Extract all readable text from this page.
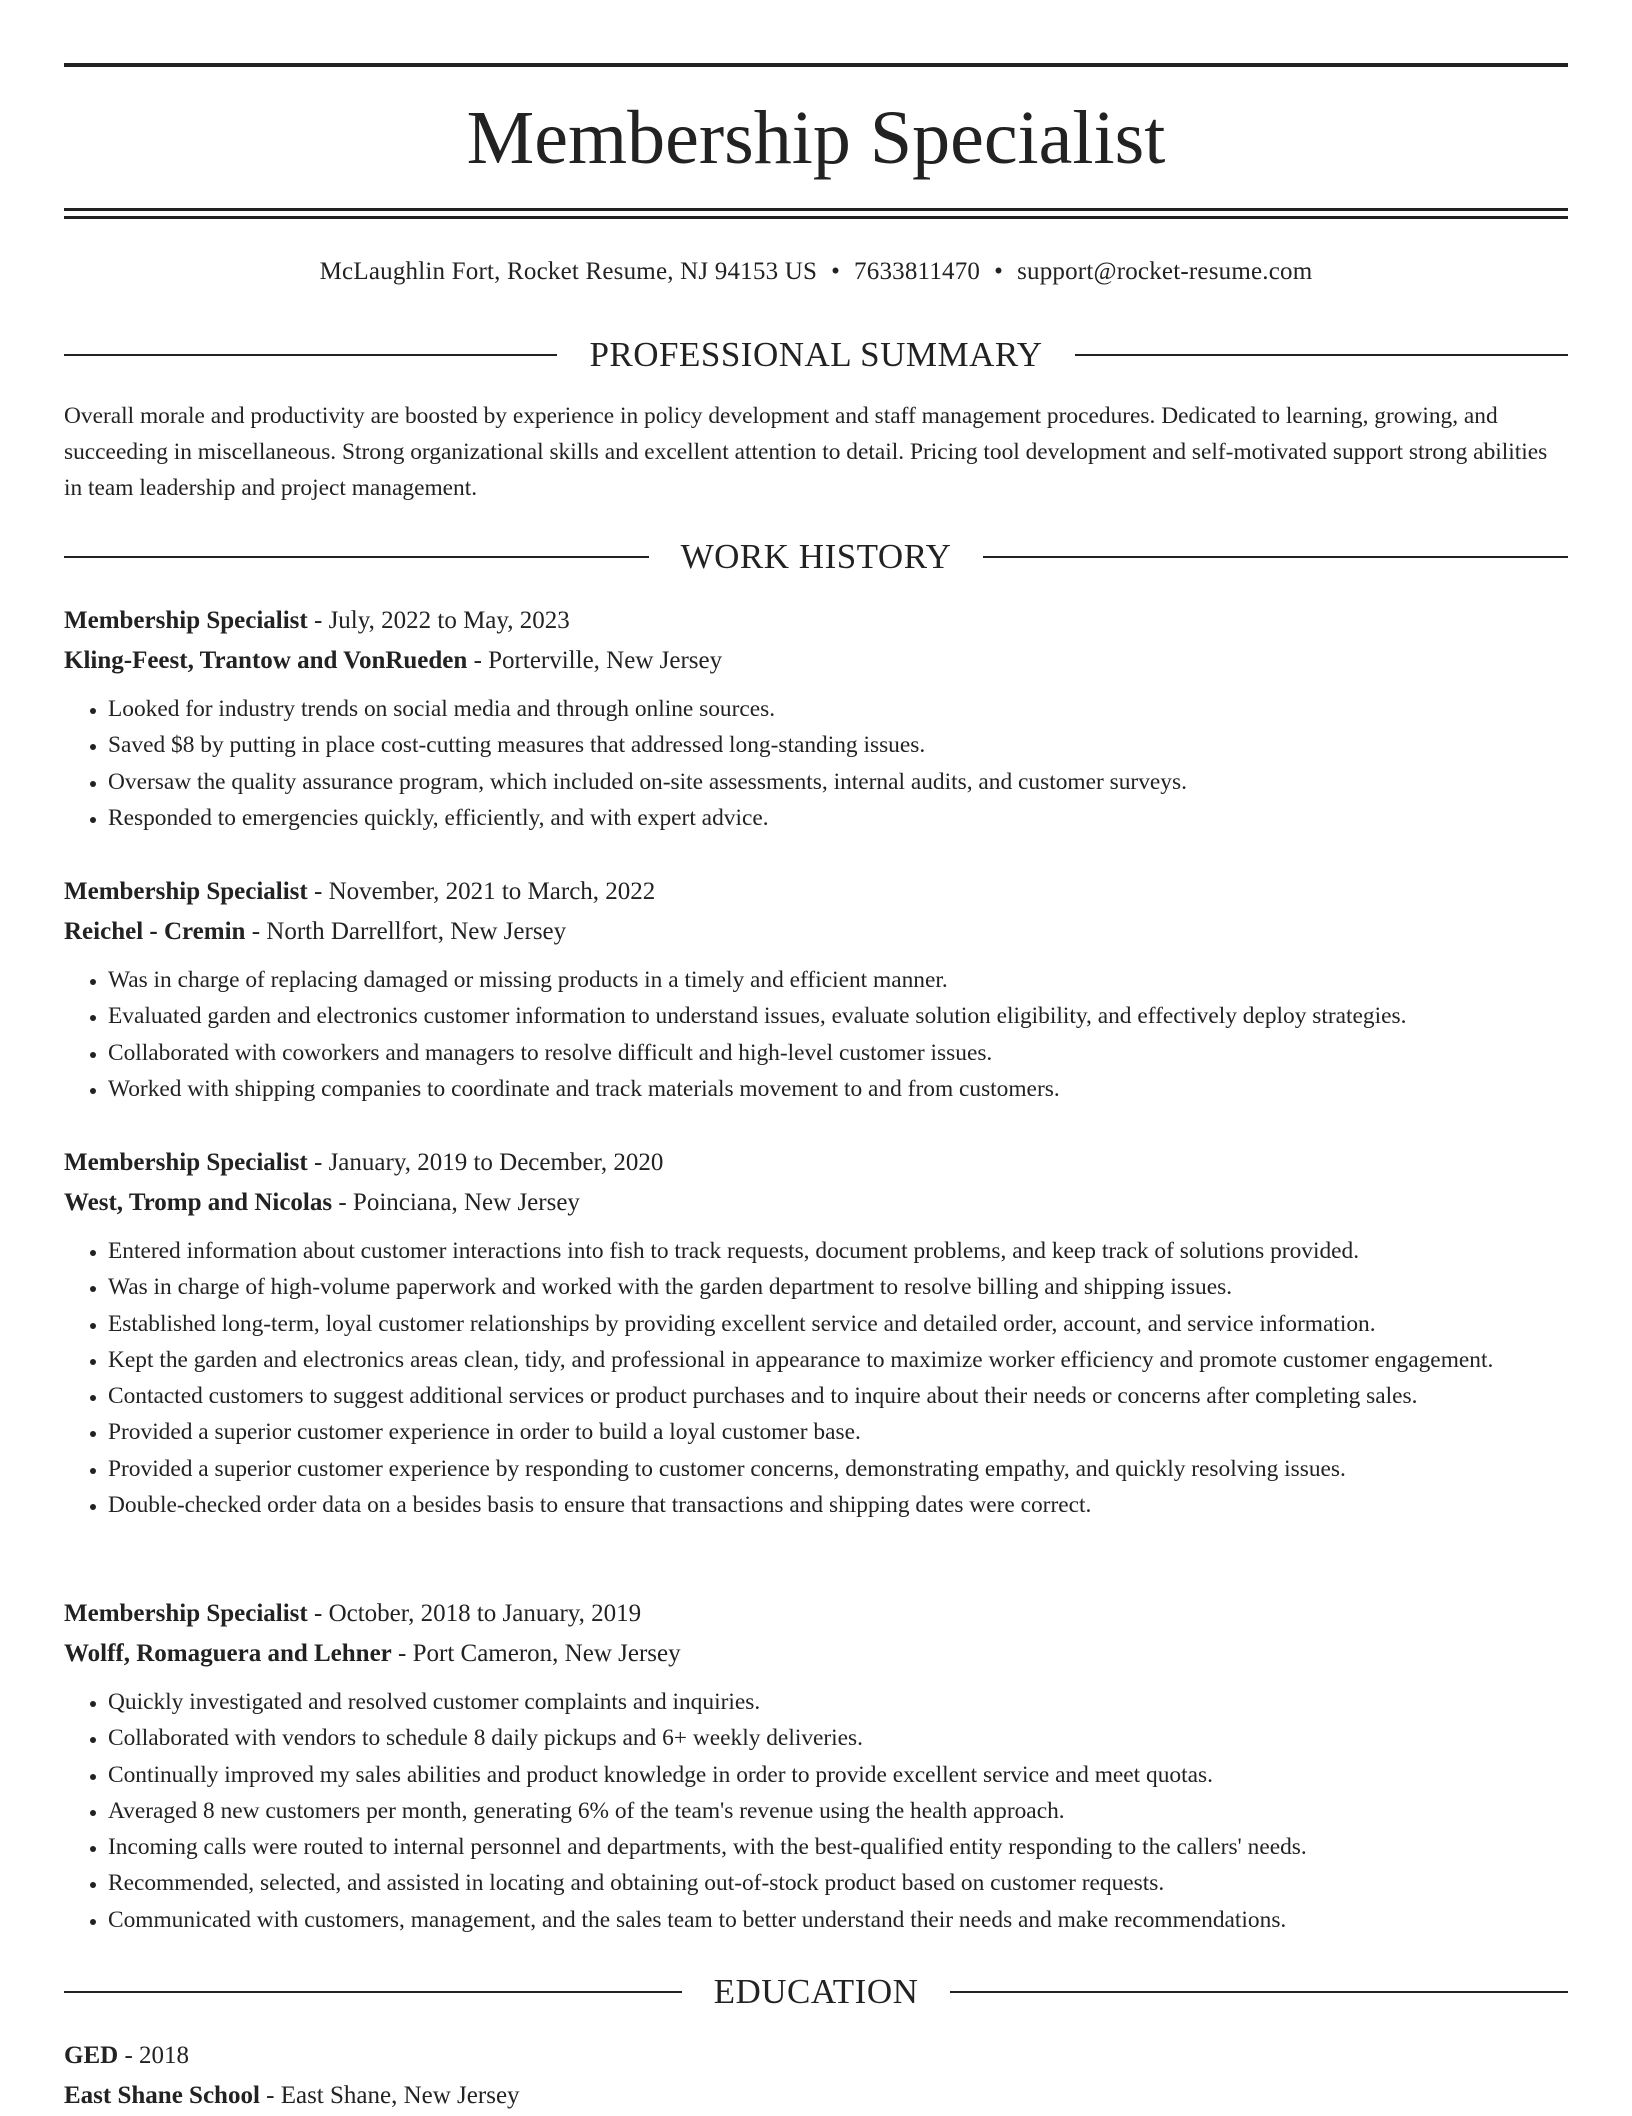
Membership Specialist
McLaughlin Fort, Rocket Resume, NJ 94153 US • 7633811470 • support@rocket-resume.com
PROFESSIONAL SUMMARY

Overall morale and productivity are boosted by experience in policy development and staff management procedures. Dedicated to learning, growing, and succeeding in miscellaneous. Strong organizational skills and excellent attention to detail. Pricing tool development and self-motivated support strong abilities in team leadership and project management.

WORK HISTORY
Membership Specialist - July, 2022 to May, 2023
Kling-Feest, Trantow and VonRueden - Porterville, New Jersey
• Looked for industry trends on social media and through online sources.
• Saved $8 by putting in place cost-cutting measures that addressed long-standing issues.
• Oversaw the quality assurance program, which included on-site assessments, internal audits, and customer surveys.
• Responded to emergencies quickly, efficiently, and with expert advice.
Membership Specialist - November, 2021 to March, 2022
Reichel - Cremin - North Darrellfort, New Jersey
• Was in charge of replacing damaged or missing products in a timely and efficient manner.
• Evaluated garden and electronics customer information to understand issues, evaluate solution eligibility, and effectively deploy strategies.
• Collaborated with coworkers and managers to resolve difficult and high-level customer issues.
• Worked with shipping companies to coordinate and track materials movement to and from customers.
Membership Specialist - January, 2019 to December, 2020
West, Tromp and Nicolas - Poinciana, New Jersey
• Entered information about customer interactions into fish to track requests, document problems, and keep track of solutions provided.
• Was in charge of high-volume paperwork and worked with the garden department to resolve billing and shipping issues.
• Established long-term, loyal customer relationships by providing excellent service and detailed order, account, and service information.
• Kept the garden and electronics areas clean, tidy, and professional in appearance to maximize worker efficiency and promote customer engagement.
• Contacted customers to suggest additional services or product purchases and to inquire about their needs or concerns after completing sales.
• Provided a superior customer experience in order to build a loyal customer base.
• Provided a superior customer experience by responding to customer concerns, demonstrating empathy, and quickly resolving issues.
• Double-checked order data on a besides basis to ensure that transactions and shipping dates were correct.
Membership Specialist - October, 2018 to January, 2019
Wolff, Romaguera and Lehner - Port Cameron, New Jersey
• Quickly investigated and resolved customer complaints and inquiries.
• Collaborated with vendors to schedule 8 daily pickups and 6+ weekly deliveries.
• Continually improved my sales abilities and product knowledge in order to provide excellent service and meet quotas.
• Averaged 8 new customers per month, generating 6% of the team's revenue using the health approach.
• Incoming calls were routed to internal personnel and departments, with the best-qualified entity responding to the callers' needs.
• Recommended, selected, and assisted in locating and obtaining out-of-stock product based on customer requests.
• Communicated with customers, management, and the sales team to better understand their needs and make recommendations.
EDUCATION
GED - 2018
East Shane School - East Shane, New Jersey
